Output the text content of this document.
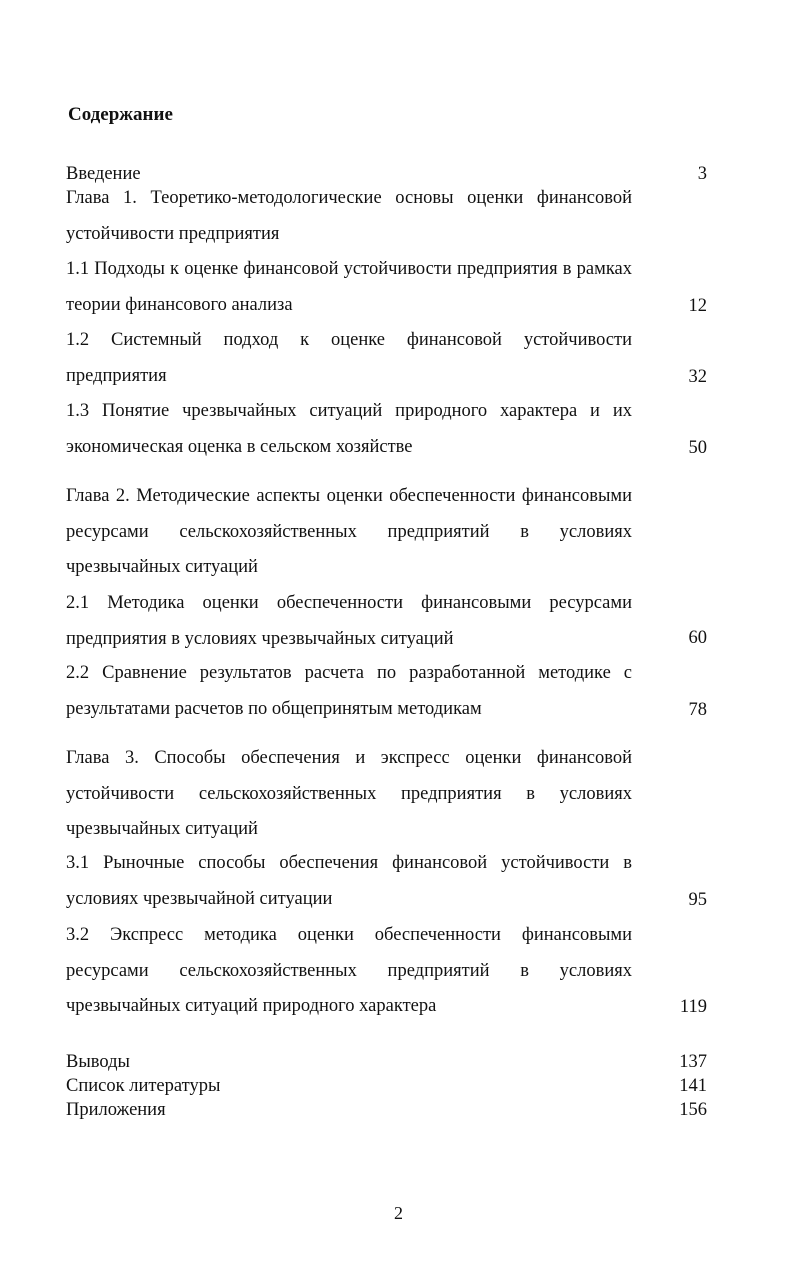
Содержание
Введение	3
Глава 1. Теоретико-методологические основы оценки финансовой устойчивости предприятия
1.1 Подходы к оценке финансовой устойчивости предприятия в рамках теории финансового анализа	12
1.2 Системный подход к оценке финансовой устойчивости предприятия	32
1.3 Понятие чрезвычайных ситуаций природного характера и их экономическая оценка в сельском хозяйстве	50
Глава 2. Методические аспекты оценки обеспеченности финансовыми ресурсами сельскохозяйственных предприятий в условиях чрезвычайных ситуаций
2.1 Методика оценки обеспеченности финансовыми ресурсами предприятия в условиях чрезвычайных ситуаций	60
2.2 Сравнение результатов расчета по разработанной методике с результатами расчетов по общепринятым методикам	78
Глава 3. Способы обеспечения и экспресс оценки финансовой устойчивости сельскохозяйственных предприятия в условиях чрезвычайных ситуаций
3.1 Рыночные способы обеспечения финансовой устойчивости в условиях чрезвычайной ситуации	95
3.2 Экспресс методика оценки обеспеченности финансовыми ресурсами сельскохозяйственных предприятий в условиях чрезвычайных ситуаций природного характера	119
Выводы	137
Список литературы	141
Приложения	156
2
